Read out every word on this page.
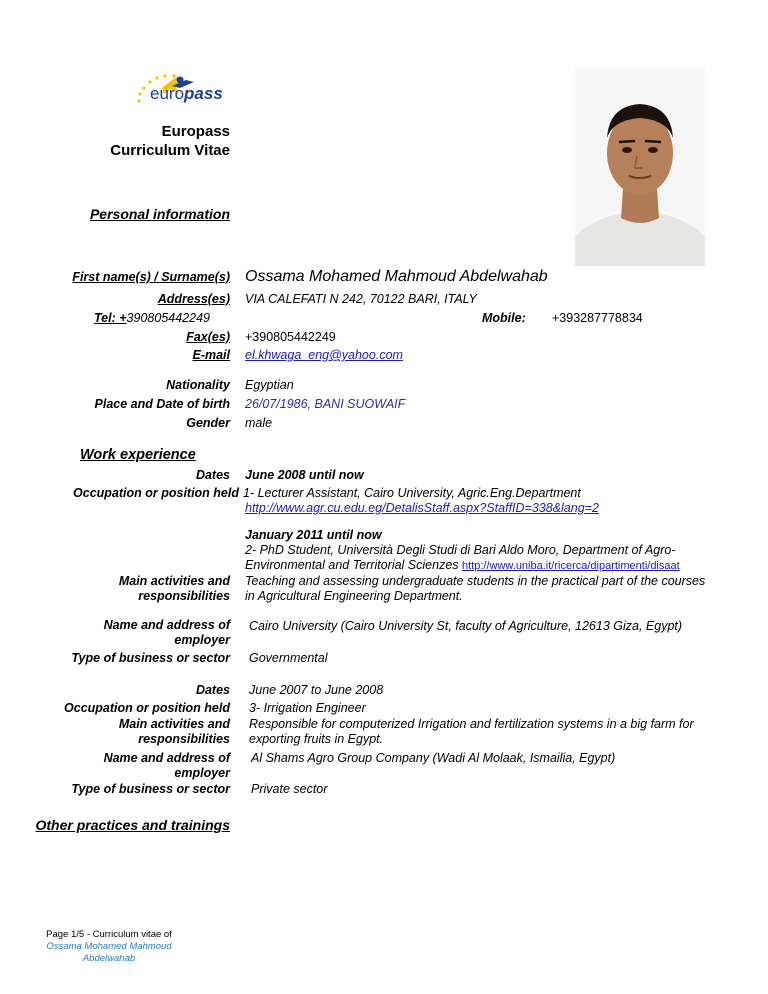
europass
Europass
Curriculum Vitae
Personal information
First name(s) / Surname(s) Ossama Mohamed Mahmoud Abdelwahab
Address(es) VIA CALEFATI N 242, 70122 BARI, ITALY
Tel: +390805442249	Mobile: +393287778834
Fax(es) +390805442249
E-mail el.khwaga_eng@yahoo.com
Nationality Egyptian
Place and Date of birth 26/07/1986, BANI SUOWAIF
Gender male
Work experience
Dates June 2008 until now
Occupation or position held 1- Lecturer Assistant, Cairo University, Agric.Eng.Department
http://www.agr.cu.edu.eg/DetalisStaff.aspx?StaffID=338&lang=2
January 2011 until now
2- PhD Student, Università Degli Studi di Bari Aldo Moro, Department of Agro-
Environmental and Territorial Scienzes http://www.uniba.it/ricerca/dipartimenti/disaat
Main activities and
responsibilities
Teaching and assessing undergraduate students in the practical part of the courses
in Agricultural Engineering Department.
Name and address of
employer
Cairo University (Cairo University St, faculty of Agriculture, 12613 Giza, Egypt)
Type of business or sector Governmental
Dates June 2007 to June 2008
Occupation or position held 3- Irrigation Engineer
Main activities and
responsibilities
Responsible for computerized Irrigation and fertilization systems in a big farm for
exporting fruits in Egypt.
Name and address of
employer
Al Shams Agro Group Company (Wadi Al Molaak, Ismailia, Egypt)
Type of business or sector Private sector
Other practices and trainings
Page 1/5 - Curriculum vitae of
Ossama Mohamed Mahmoud
Abdelwahab
